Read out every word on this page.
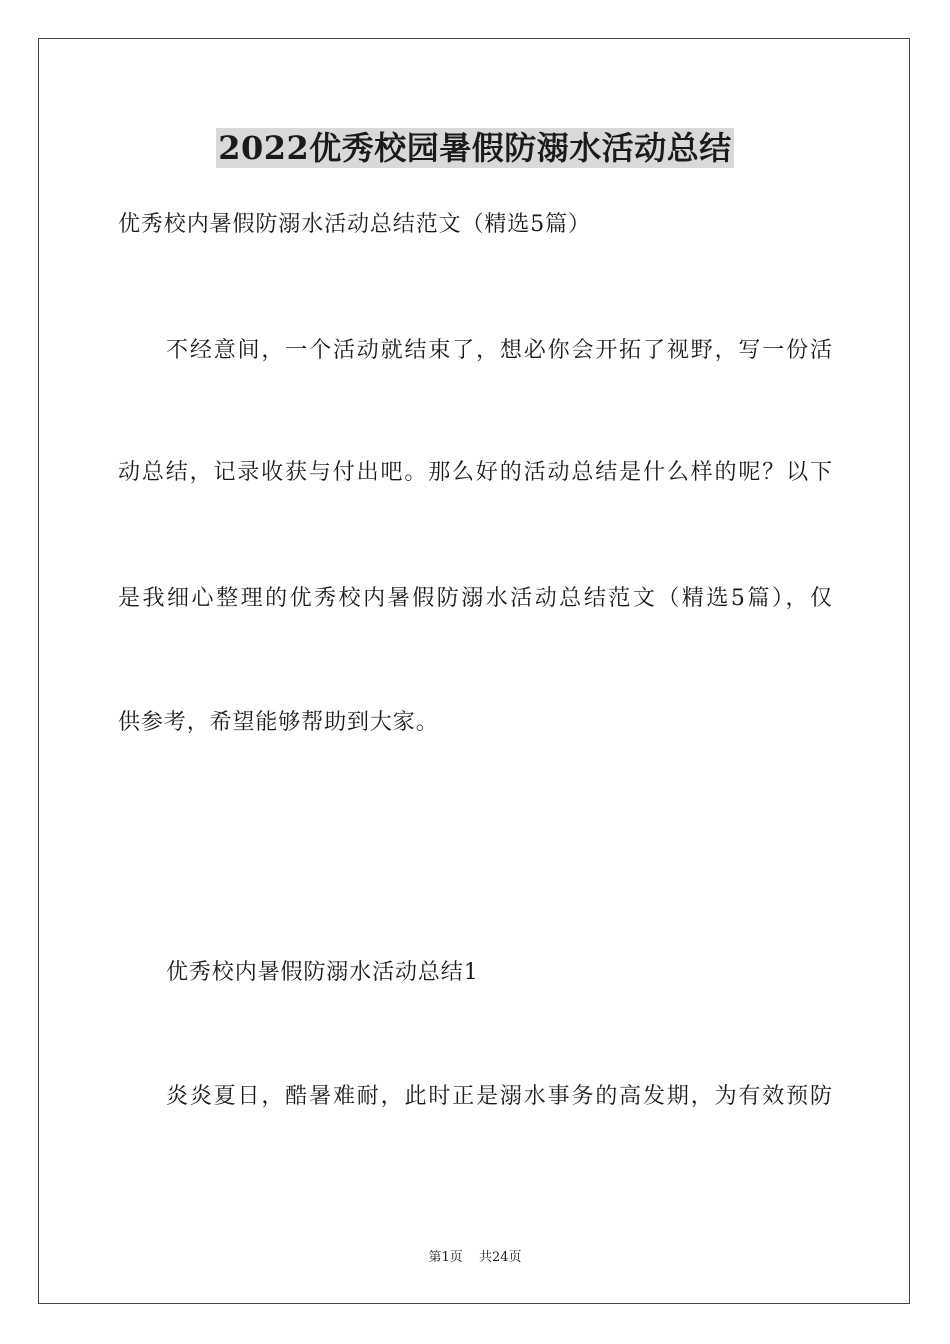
2022优秀校园暑假防溺水活动总结
优秀校内暑假防溺水活动总结范文（精选5篇）
不经意间，一个活动就结束了，想必你会开拓了视野，写一份活
动总结，记录收获与付出吧。那么好的活动总结是什么样的呢？以下
是我细心整理的优秀校内暑假防溺水活动总结范文（精选5篇），仅
供参考，希望能够帮助到大家。
优秀校内暑假防溺水活动总结1
炎炎夏日，酷暑难耐，此时正是溺水事务的高发期，为有效预防
第1页 共24页
